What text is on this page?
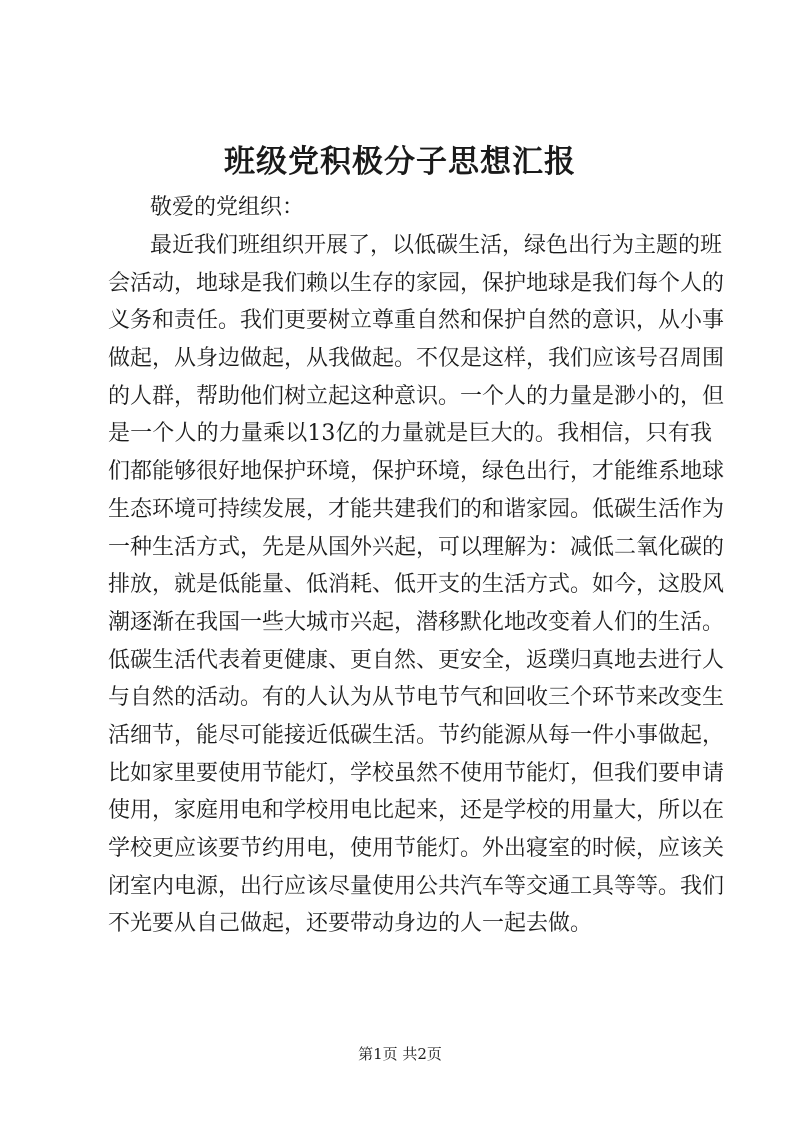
班级党积极分子思想汇报

敬爱的党组织：

最近我们班组织开展了，以低碳生活，绿色出行为主题的班
会活动，地球是我们赖以生存的家园，保护地球是我们每个人的
义务和责任。我们更要树立尊重自然和保护自然的意识，从小事
做起，从身边做起，从我做起。不仅是这样，我们应该号召周围
的人群，帮助他们树立起这种意识。一个人的力量是渺小的，但
是一个人的力量乘以13亿的力量就是巨大的。我相信，只有我
们都能够很好地保护环境，保护环境，绿色出行，才能维系地球
生态环境可持续发展，才能共建我们的和谐家园。低碳生活作为
一种生活方式，先是从国外兴起，可以理解为：减低二氧化碳的
排放，就是低能量、低消耗、低开支的生活方式。如今，这股风
潮逐渐在我国一些大城市兴起，潜移默化地改变着人们的生活。
低碳生活代表着更健康、更自然、更安全，返璞归真地去进行人
与自然的活动。有的人认为从节电节气和回收三个环节来改变生
活细节，能尽可能接近低碳生活。节约能源从每一件小事做起，
比如家里要使用节能灯，学校虽然不使用节能灯，但我们要申请
使用，家庭用电和学校用电比起来，还是学校的用量大，所以在
学校更应该要节约用电，使用节能灯。外出寝室的时候，应该关
闭室内电源，出行应该尽量使用公共汽车等交通工具等等。我们
不光要从自己做起，还要带动身边的人一起去做。

第1页 共2页
